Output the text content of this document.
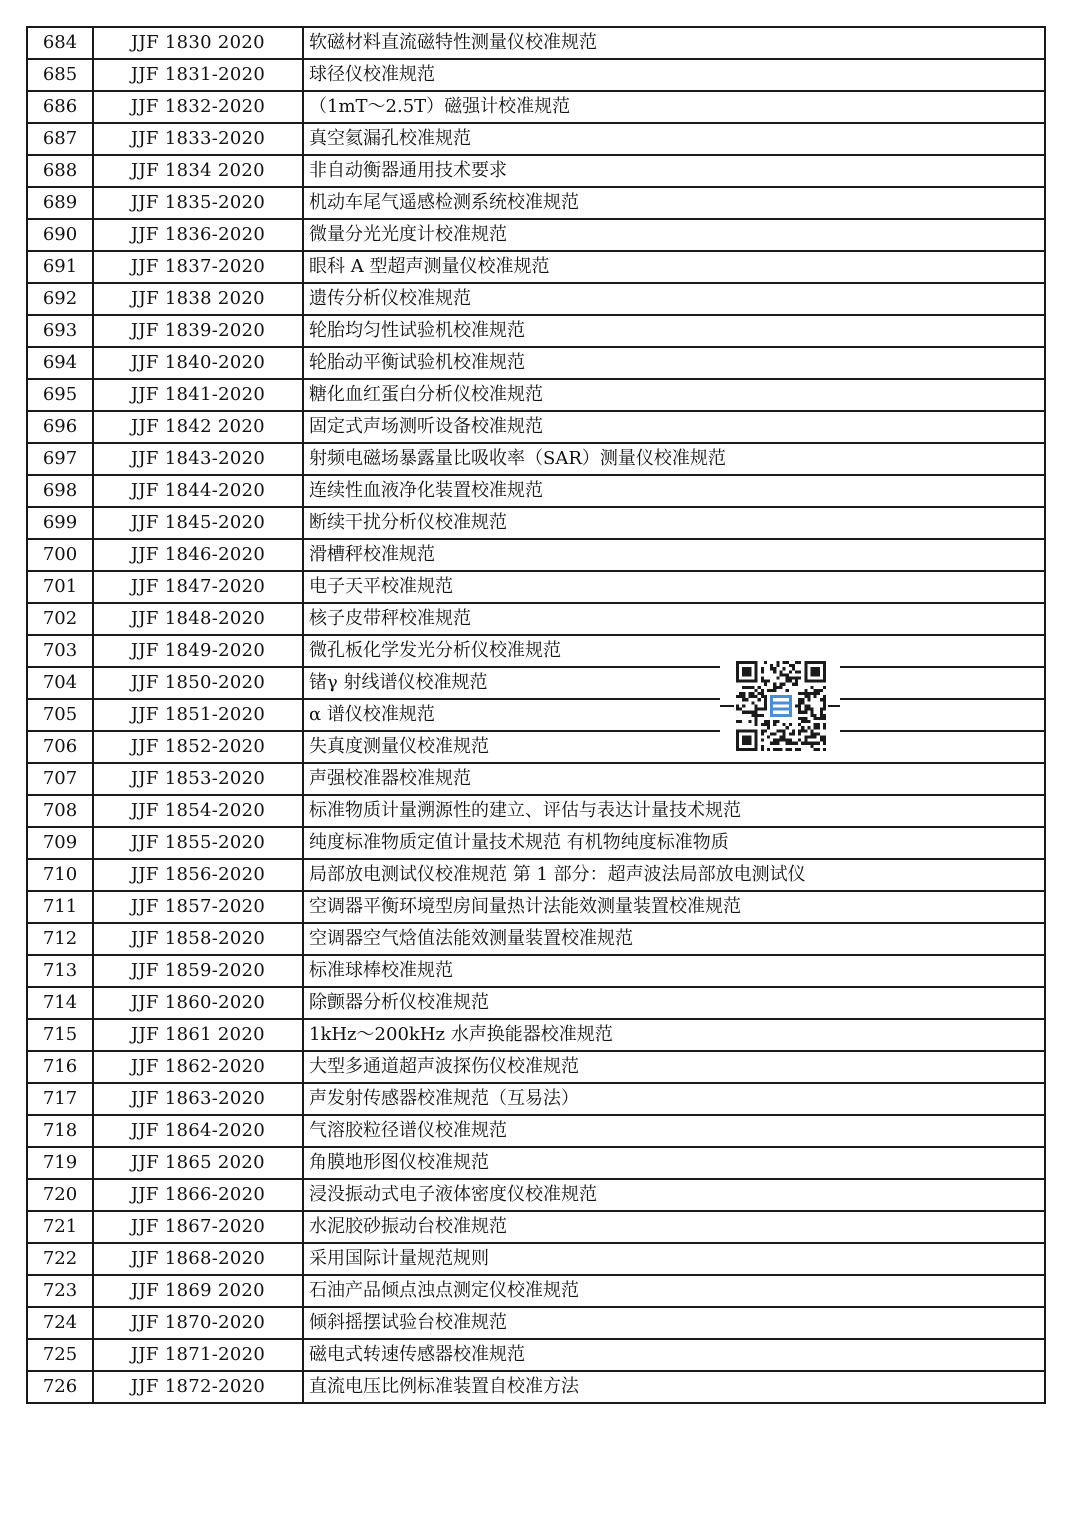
684	JJF 1830 2020	软磁材料直流磁特性测量仪校准规范
685	JJF 1831-2020	球径仪校准规范
686	JJF 1832-2020	（1mT～2.5T）磁强计校准规范
687	JJF 1833-2020	真空氦漏孔校准规范
688	JJF 1834 2020	非自动衡器通用技术要求
689	JJF 1835-2020	机动车尾气遥感检测系统校准规范
690	JJF 1836-2020	微量分光光度计校准规范
691	JJF 1837-2020	眼科 A 型超声测量仪校准规范
692	JJF 1838 2020	遗传分析仪校准规范
693	JJF 1839-2020	轮胎均匀性试验机校准规范
694	JJF 1840-2020	轮胎动平衡试验机校准规范
695	JJF 1841-2020	糖化血红蛋白分析仪校准规范
696	JJF 1842 2020	固定式声场测听设备校准规范
697	JJF 1843-2020	射频电磁场暴露量比吸收率（SAR）测量仪校准规范
698	JJF 1844-2020	连续性血液净化装置校准规范
699	JJF 1845-2020	断续干扰分析仪校准规范
700	JJF 1846-2020	滑槽秤校准规范
701	JJF 1847-2020	电子天平校准规范
702	JJF 1848-2020	核子皮带秤校准规范
703	JJF 1849-2020	微孔板化学发光分析仪校准规范
704	JJF 1850-2020	锗γ 射线谱仪校准规范
705	JJF 1851-2020	α 谱仪校准规范
706	JJF 1852-2020	失真度测量仪校准规范
707	JJF 1853-2020	声强校准器校准规范
708	JJF 1854-2020	标准物质计量溯源性的建立、评估与表达计量技术规范
709	JJF 1855-2020	纯度标准物质定值计量技术规范 有机物纯度标准物质
710	JJF 1856-2020	局部放电测试仪校准规范 第 1 部分：超声波法局部放电测试仪
711	JJF 1857-2020	空调器平衡环境型房间量热计法能效测量装置校准规范
712	JJF 1858-2020	空调器空气焓值法能效测量装置校准规范
713	JJF 1859-2020	标准球棒校准规范
714	JJF 1860-2020	除颤器分析仪校准规范
715	JJF 1861 2020	1kHz～200kHz 水声换能器校准规范
716	JJF 1862-2020	大型多通道超声波探伤仪校准规范
717	JJF 1863-2020	声发射传感器校准规范（互易法）
718	JJF 1864-2020	气溶胶粒径谱仪校准规范
719	JJF 1865 2020	角膜地形图仪校准规范
720	JJF 1866-2020	浸没振动式电子液体密度仪校准规范
721	JJF 1867-2020	水泥胶砂振动台校准规范
722	JJF 1868-2020	采用国际计量规范规则
723	JJF 1869 2020	石油产品倾点浊点测定仪校准规范
724	JJF 1870-2020	倾斜摇摆试验台校准规范
725	JJF 1871-2020	磁电式转速传感器校准规范
726	JJF 1872-2020	直流电压比例标准装置自校准方法
